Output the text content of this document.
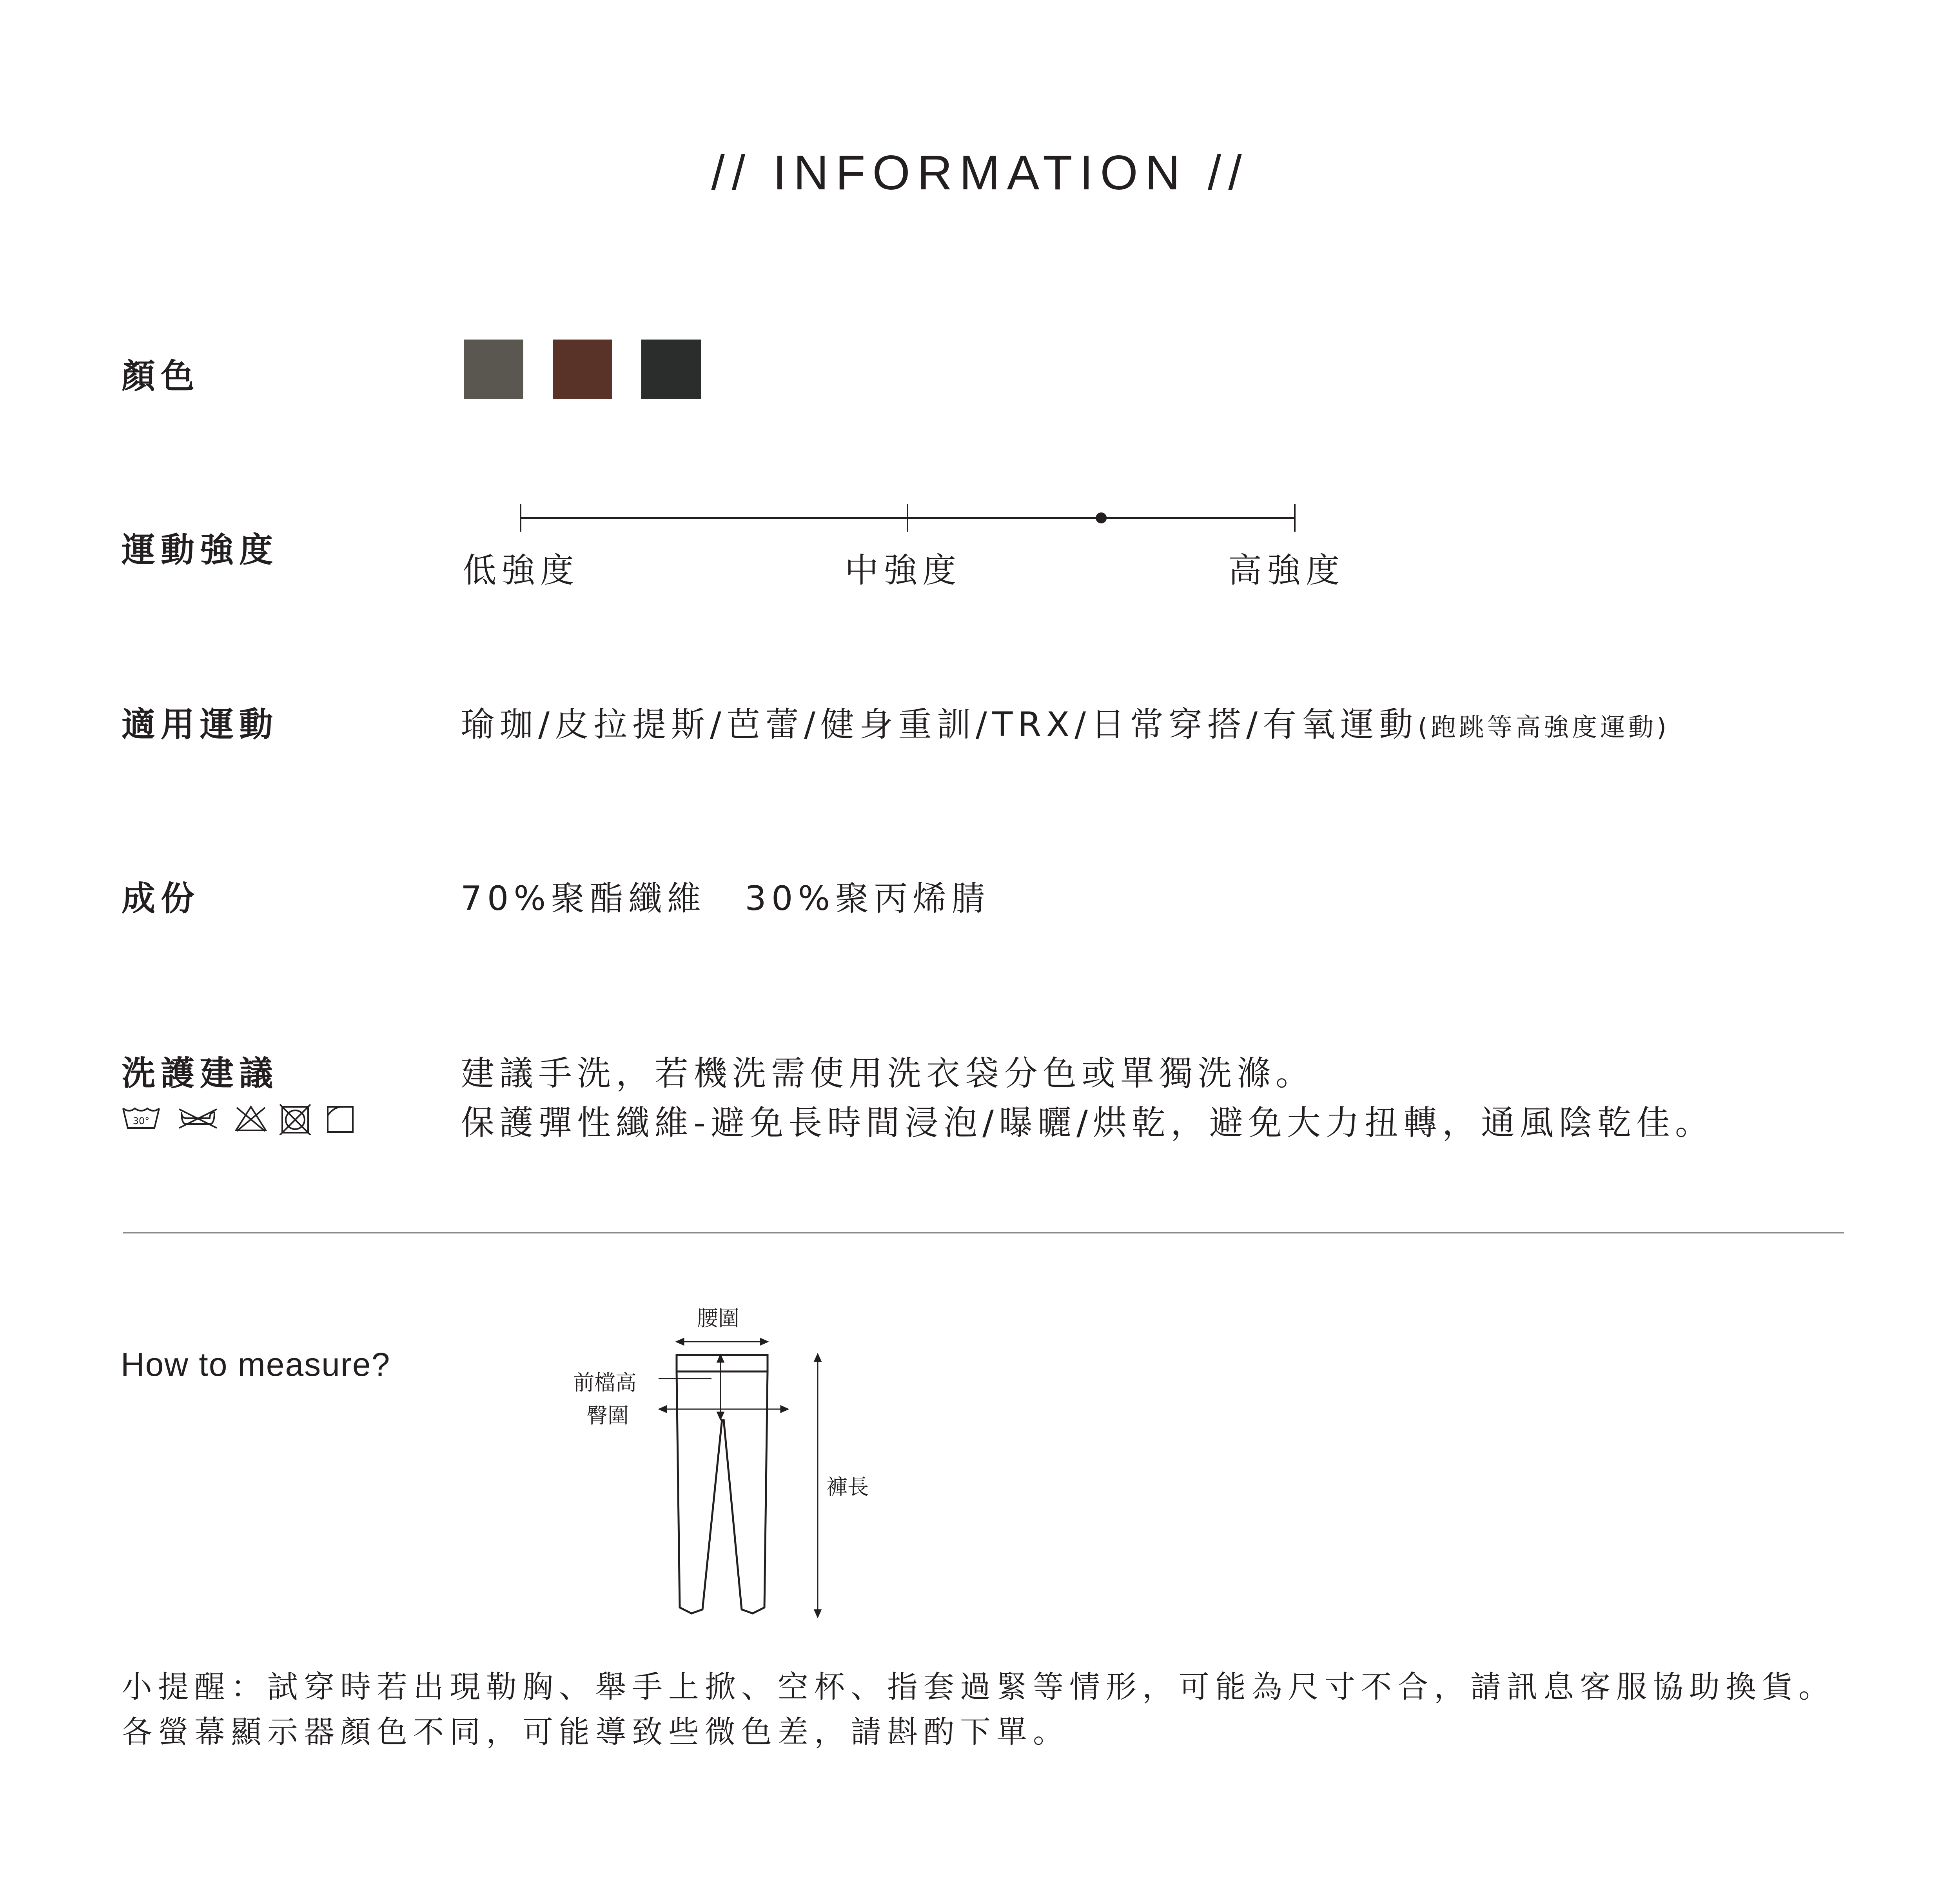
// INFORMATION //
顏色
運動強度
低強度	中強度	高強度
適用運動	瑜珈/皮拉提斯/芭蕾/健身重訓/TRX/日常穿搭/有氧運動(跑跳等高強度運動)
成份	70%聚酯纖維　30%聚丙烯腈
洗護建議	建議手洗，若機洗需使用洗衣袋分色或單獨洗滌。
保護彈性纖維-避免長時間浸泡/曝曬/烘乾，避免大力扭轉，通風陰乾佳。
30°
How to measure?
腰圍
前檔高
臀圍
褲長
小提醒：試穿時若出現勒胸、舉手上掀、空杯、指套過緊等情形，可能為尺寸不合，請訊息客服協助換貨。
各螢幕顯示器顏色不同，可能導致些微色差，請斟酌下單。
